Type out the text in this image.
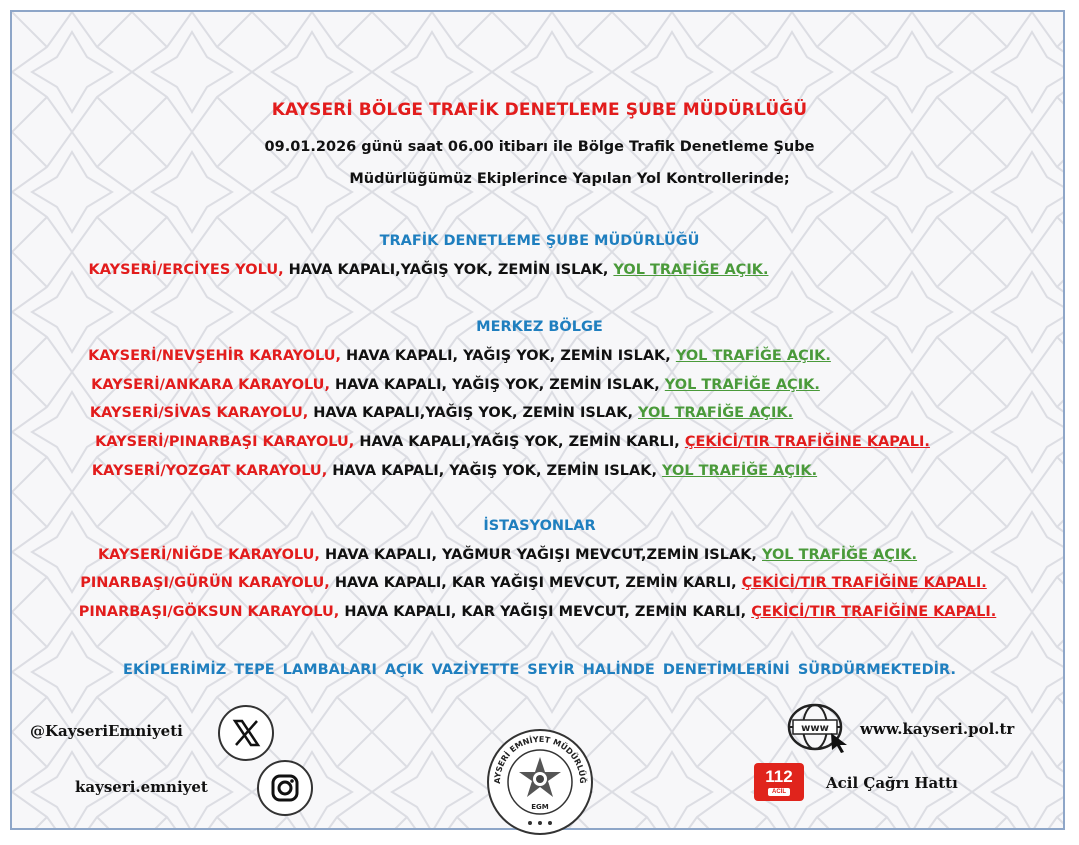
KAYSERİ BÖLGE TRAFİK DENETLEME ŞUBE MÜDÜRLÜĞÜ
09.01.2026 günü saat 06.00 itibarı ile Bölge Trafik Denetleme Şube
Müdürlüğümüz Ekiplerince Yapılan Yol Kontrollerinde;
TRAFİK DENETLEME ŞUBE MÜDÜRLÜĞÜ
KAYSERİ/ERCİYES YOLU, HAVA KAPALI,YAĞIŞ YOK, ZEMİN ISLAK, YOL TRAFİĞE AÇIK.
MERKEZ BÖLGE
KAYSERİ/NEVŞEHİR KARAYOLU, HAVA KAPALI, YAĞIŞ YOK, ZEMİN ISLAK, YOL TRAFİĞE AÇIK.
KAYSERİ/ANKARA KARAYOLU, HAVA KAPALI, YAĞIŞ YOK, ZEMİN ISLAK, YOL TRAFİĞE AÇIK.
KAYSERİ/SİVAS KARAYOLU, HAVA KAPALI,YAĞIŞ YOK, ZEMİN ISLAK, YOL TRAFİĞE AÇIK.
KAYSERİ/PINARBAŞI KARAYOLU, HAVA KAPALI,YAĞIŞ YOK, ZEMİN KARLI, ÇEKİCİ/TIR TRAFİĞİNE KAPALI.
KAYSERİ/YOZGAT KARAYOLU, HAVA KAPALI, YAĞIŞ YOK, ZEMİN ISLAK, YOL TRAFİĞE AÇIK.
İSTASYONLAR
KAYSERİ/NİĞDE KARAYOLU, HAVA KAPALI, YAĞMUR YAĞIŞI MEVCUT,ZEMİN ISLAK, YOL TRAFİĞE AÇIK.
PINARBAŞI/GÜRÜN KARAYOLU, HAVA KAPALI, KAR YAĞIŞI MEVCUT, ZEMİN KARLI, ÇEKİCİ/TIR TRAFİĞİNE KAPALI.
PINARBAŞI/GÖKSUN KARAYOLU, HAVA KAPALI, KAR YAĞIŞI MEVCUT, ZEMİN KARLI, ÇEKİCİ/TIR TRAFİĞİNE KAPALI.
EKİPLERİMİZ TEPE LAMBALARI AÇIK VAZİYETTE SEYİR HALİNDE DENETİMLERİNİ SÜRDÜRMEKTEDİR.
@KayseriEmniyeti
kayseri.emniyet	AYSERİ EMNİYET MÜDÜRLÜĞ
EGM
www www.kayseri.pol.tr
112
ACİL	Acil Çağrı Hattı
